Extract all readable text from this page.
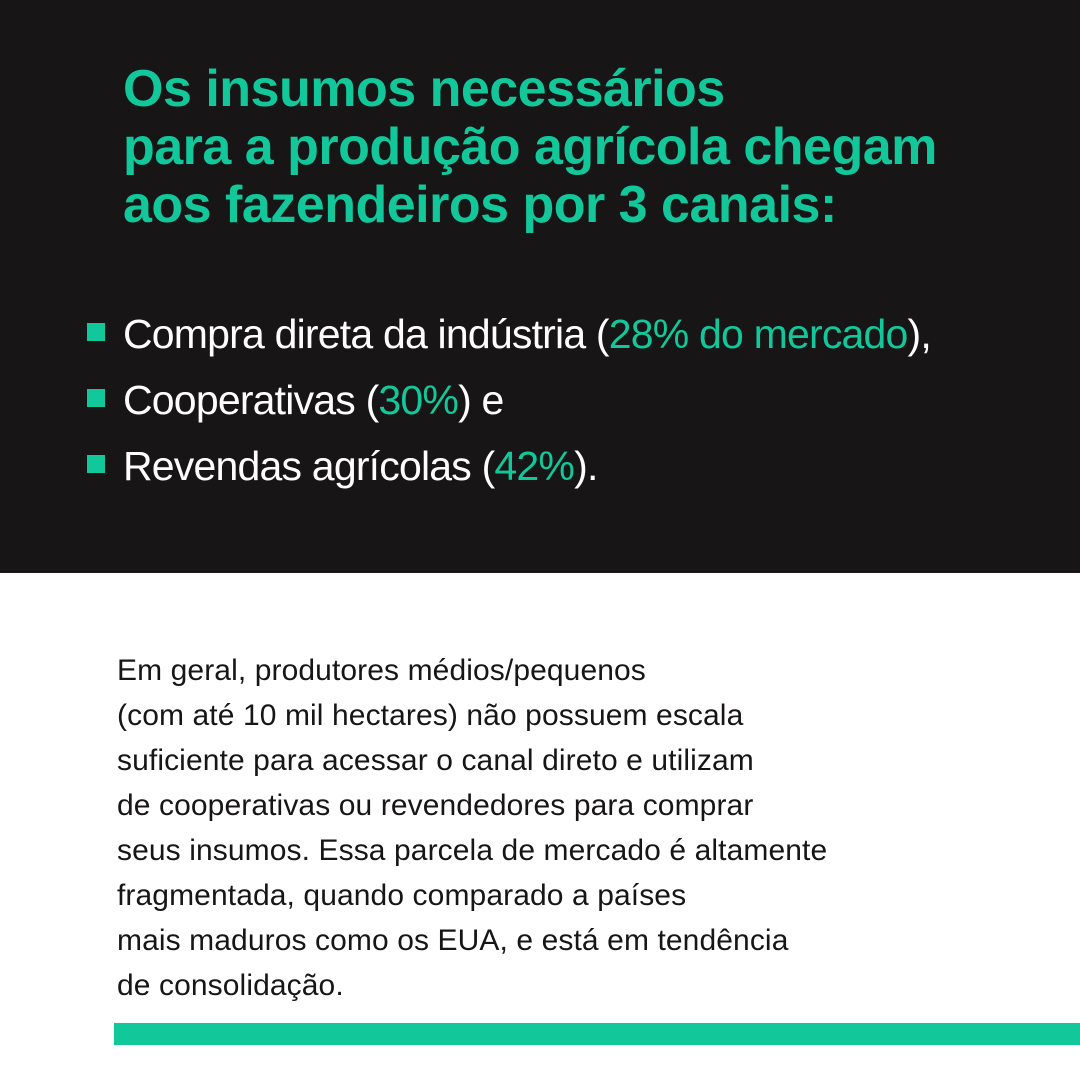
Os insumos necessários
para a produção agrícola chegam
aos fazendeiros por 3 canais:
Compra direta da indústria (28% do mercado),
Cooperativas (30%) e
Revendas agrícolas (42%).

Em geral, produtores médios/pequenos
(com até 10 mil hectares) não possuem escala
suficiente para acessar o canal direto e utilizam
de cooperativas ou revendedores para comprar
seus insumos. Essa parcela de mercado é altamente
fragmentada, quando comparado a países
mais maduros como os EUA, e está em tendência
de consolidação.
